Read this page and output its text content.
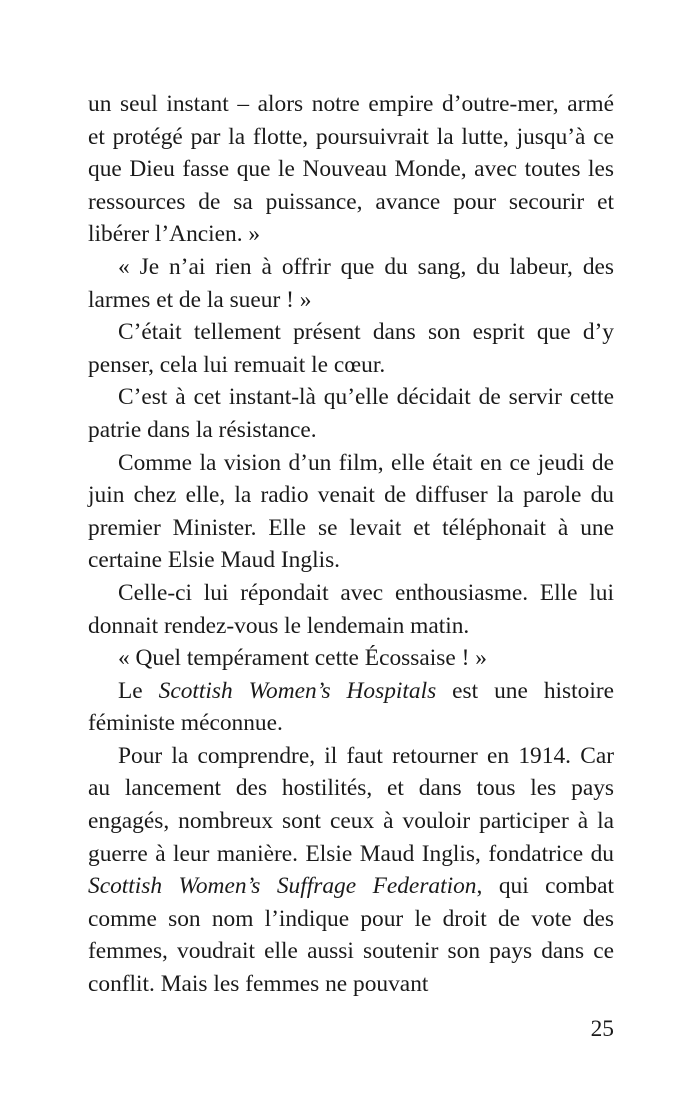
un seul instant – alors notre empire d’outre-mer, armé et protégé par la flotte, poursuivrait la lutte, jusqu’à ce que Dieu fasse que le Nouveau Monde, avec toutes les ressources de sa puissance, avance pour secourir et libérer l’Ancien. »

« Je n’ai rien à offrir que du sang, du labeur, des larmes et de la sueur ! »

C’était tellement présent dans son esprit que d’y penser, cela lui remuait le cœur.

C’est à cet instant-là qu’elle décidait de servir cette patrie dans la résistance.

Comme la vision d’un film, elle était en ce jeudi de juin chez elle, la radio venait de diffuser la parole du premier Minister. Elle se levait et téléphonait à une certaine Elsie Maud Inglis.

Celle-ci lui répondait avec enthousiasme. Elle lui donnait rendez-vous le lendemain matin.

« Quel tempérament cette Écossaise ! »

Le Scottish Women’s Hospitals est une histoire féministe méconnue.

Pour la comprendre, il faut retourner en 1914. Car au lancement des hostilités, et dans tous les pays engagés, nombreux sont ceux à vouloir participer à la guerre à leur manière. Elsie Maud Inglis, fondatrice du Scottish Women’s Suffrage Federation, qui combat comme son nom l’indique pour le droit de vote des femmes, voudrait elle aussi soutenir son pays dans ce conflit. Mais les femmes ne pouvant

25
